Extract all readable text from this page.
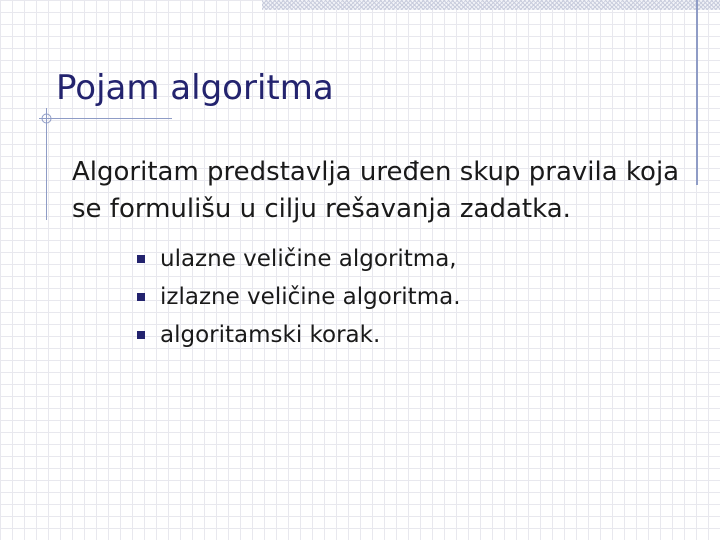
Pojam algoritma

Algoritam predstavlja uređen skup pravila koja se formulišu u cilju rešavanja zadatka.

ulazne veličine algoritma,
izlazne veličine algoritma.
algoritamski korak.
